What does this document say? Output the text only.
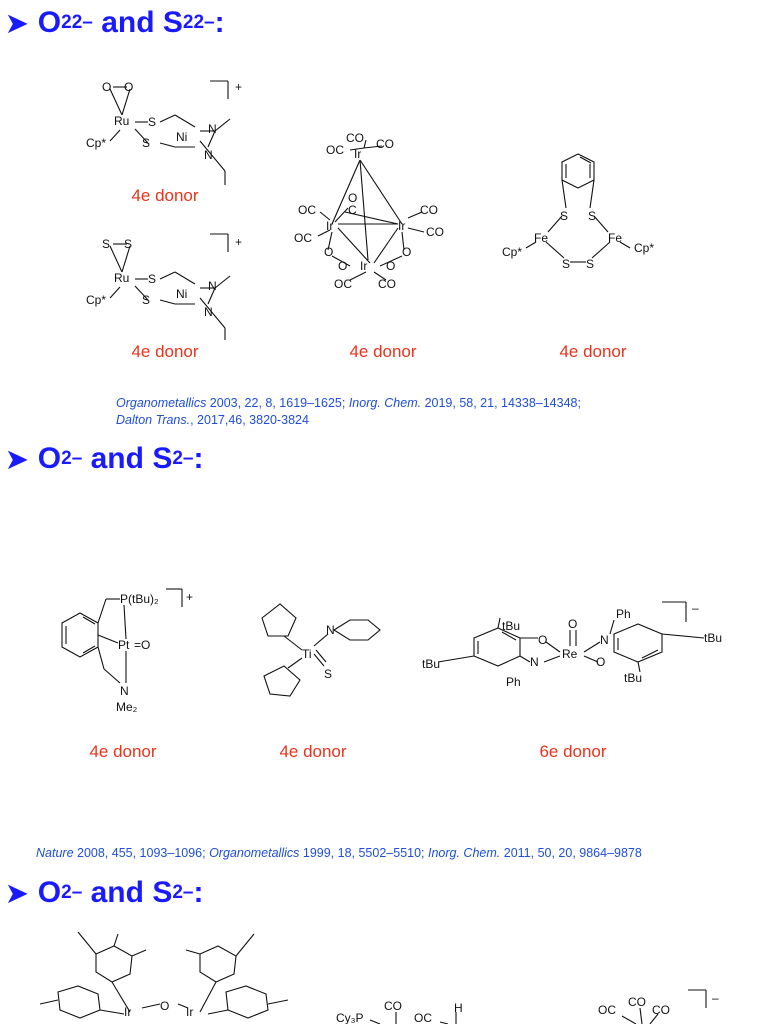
➤ O 2 2–
and
S 2 2– :
O O
Ru S
S
Cp*	Ni
N
N
+
4e donor
S S
Ru S
S
Cp*	Ni
N
N
+
4e donor
Ir
CO CO
OC
O
C
Ir	Ir
Ir
OC
OC
CO
CO
O	O
O	O
OC CO
4e donor
S S
Fe	Fe
S S
Cp*	Cp*
4e donor
Organometallics 2003, 22, 8, 1619–1625; Inorg. Chem. 2019, 58, 21, 14338–14348;
Dalton Trans., 2017,46, 3820-3824
➤ O 2–
and
S 2– :
P(tBu)₂
Pt =O
N
Me₂
+
4e donor
Ti
N
S
4e donor
tBu
tBu
O
N
Ph
Re
O
N
O
Ph
tBu
tBu
–
6e donor
Nature 2008, 455, 1093–1096; Organometallics 1999, 18, 5502–5510; Inorg. Chem. 2011, 50, 20, 9864–9878
➤ O 2–
and
S 2– :
Ir O Ir	Cy₃P
CO
OC
H	OC
CO
CO
–
